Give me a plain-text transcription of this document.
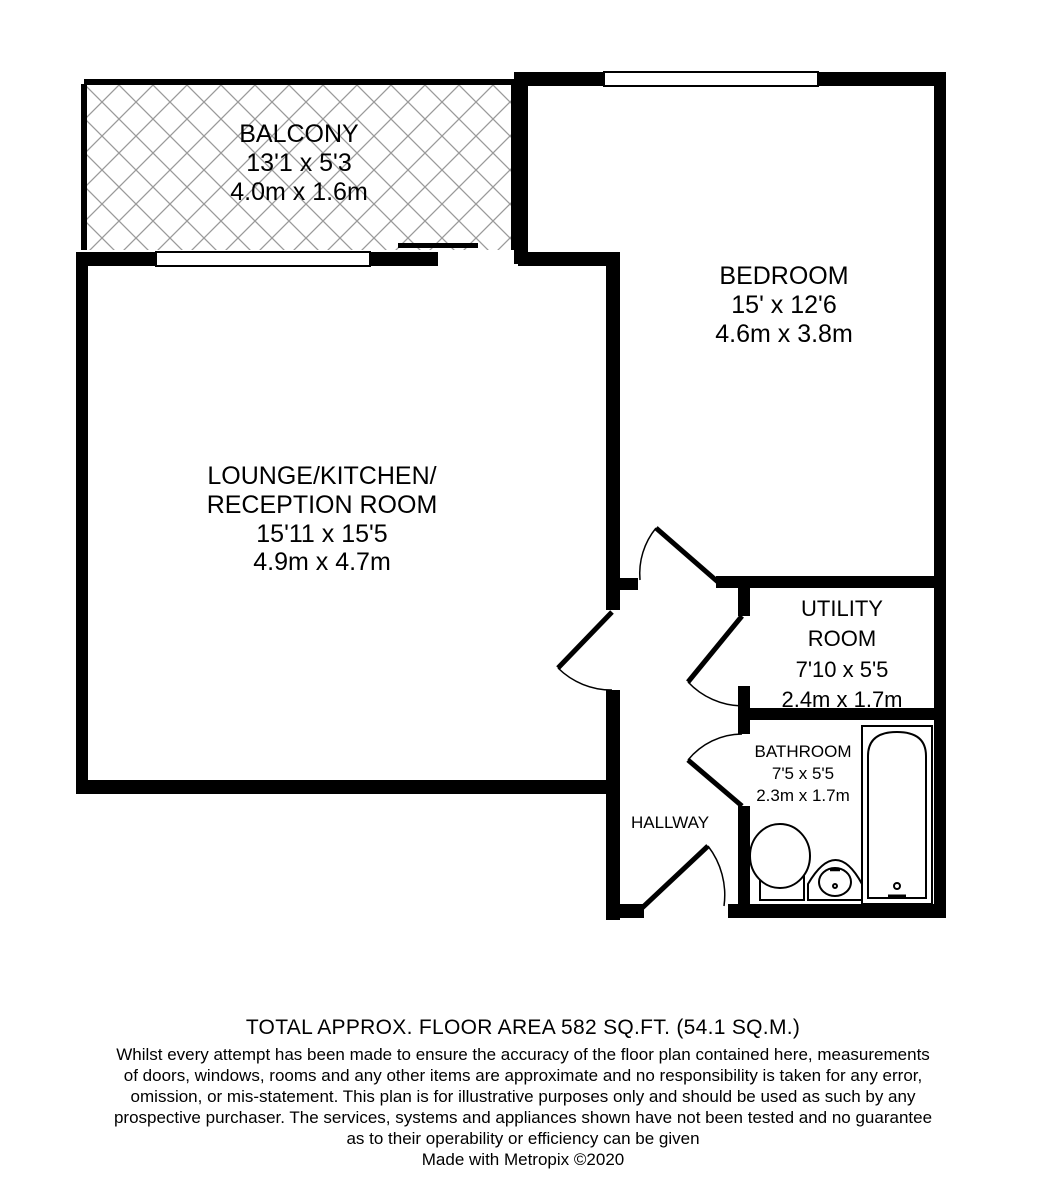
BALCONY
13'1 x 5'3
4.0m x 1.6m
BEDROOM
15' x 12'6
4.6m x 3.8m
LOUNGE/KITCHEN/
RECEPTION ROOM
15'11 x 15'5
4.9m x 4.7m
UTILITY
ROOM
7'10 x 5'5
2.4m x 1.7m
BATHROOM
7'5 x 5'5
2.3m x 1.7m
HALLWAY
TOTAL APPROX. FLOOR AREA 582 SQ.FT. (54.1 SQ.M.)
Whilst every attempt has been made to ensure the accuracy of the floor plan contained here, measurements
of doors, windows, rooms and any other items are approximate and no responsibility is taken for any error,
omission, or mis-statement. This plan is for illustrative purposes only and should be used as such by any
prospective purchaser. The services, systems and appliances shown have not been tested and no guarantee
as to their operability or efficiency can be given
Made with Metropix ©2020
